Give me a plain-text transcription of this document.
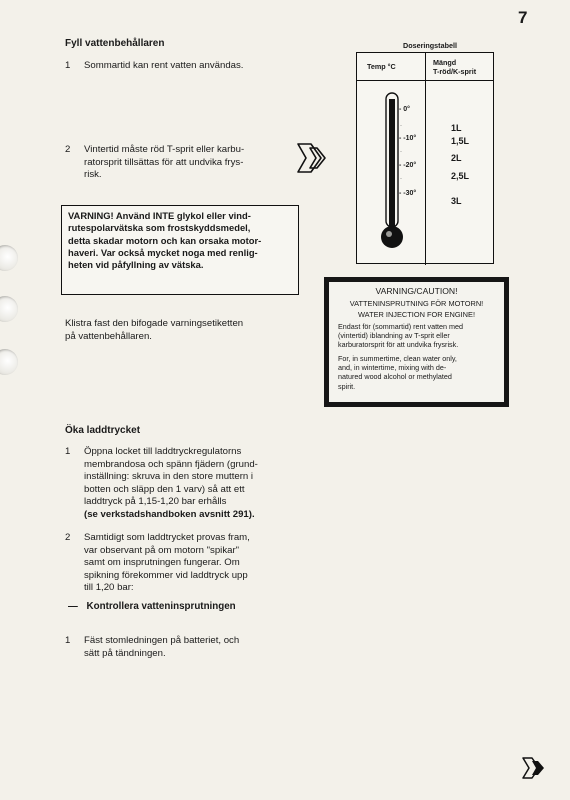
7
Fyll vattenbehållaren
1 Sommartid kan rent vatten användas.
2 Vintertid måste röd T-sprit eller karbu-
ratorsprit tillsättas för att undvika frys-
risk.
VARNING! Använd INTE glykol eller vind-
rutespolarvätska som frostskyddsmedel,
detta skadar motorn och kan orsaka motor-
haveri. Var också mycket noga med renlig-
heten vid påfyllning av vätska.
Klistra fast den bifogade varningsetiketten
på vattenbehållaren.
Doseringstabell
Temp °C	Mängd
T-röd/K-sprit
- 0°
- -10°
- -20°
- -30°
·
·
·
1L
1,5L
2L
2,5L
3L
VARNING/CAUTION!
VATTENINSPRUTNING FÖR MOTORN!
WATER INJECTION FOR ENGINE!
Endast för (sommartid) rent vatten med
(vintertid) iblandning av T-sprit eller
karburatorsprit för att undvika frysrisk.
For, in summertime, clean water only,
and, in wintertime, mixing with de-
natured wood alcohol or methylated
spirit.
Öka laddtrycket
1 Öppna locket till laddtryckregulatorns
membrandosa och spänn fjädern (grund-
inställning: skruva in den store muttern i
botten och släpp den 1 varv) så att ett
laddtryck på 1,15-1,20 bar erhålls
(se verkstadshandboken avsnitt 291).
2 Samtidigt som laddtrycket provas fram,
var observant på om motorn "spikar"
samt om insprutningen fungerar. Om
spikning förekommer vid laddtryck upp
till 1,20 bar:
— Kontrollera vatteninsprutningen
1 Fäst stomledningen på batteriet, och
sätt på tändningen.
